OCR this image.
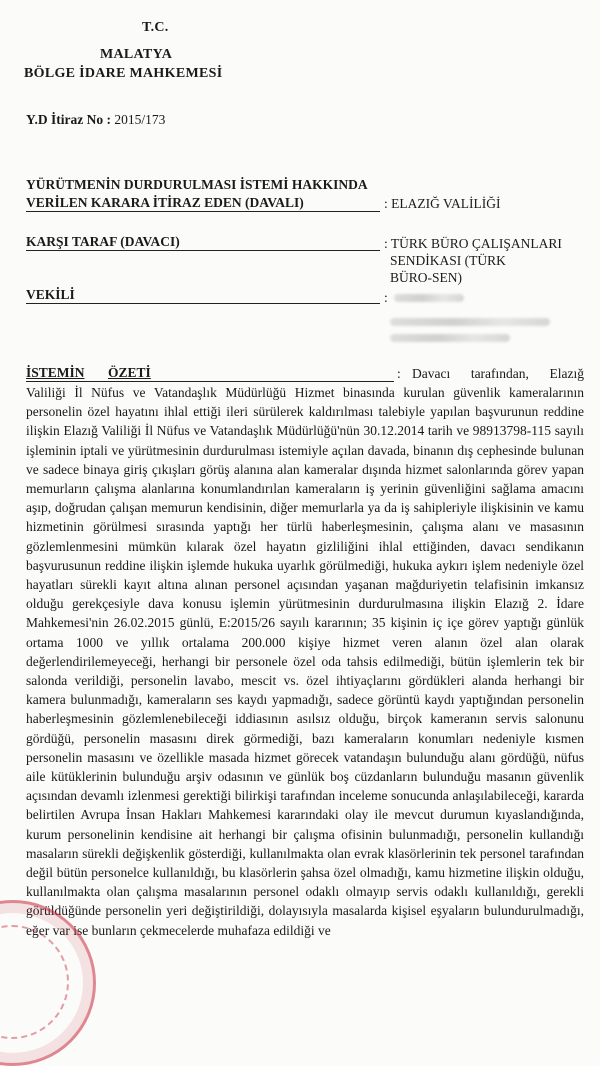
T.C.
MALATYA
BÖLGE İDARE MAHKEMESİ
Y.D İtiraz No : 2015/173
YÜRÜTMENİN DURDURULMASI İSTEMİ HAKKINDA
VERİLEN KARARA İTİRAZ EDEN (DAVALI)	: ELAZIĞ VALİLİĞİ
KARŞI TARAF (DAVACI)	: TÜRK BÜRO ÇALIŞANLARI
SENDİKASI (TÜRK
BÜRO-SEN)
VEKİLİ	:
İSTEMİN ÖZETİ	: Davacı tarafından, Elazığ
Valiliği İl Nüfus ve Vatandaşlık Müdürlüğü Hizmet binasında kurulan güvenlik kameralarının personelin özel hayatını ihlal ettiği ileri sürülerek kaldırılması talebiyle yapılan başvurunun reddine ilişkin Elazığ Valiliği İl Nüfus ve Vatandaşlık Müdürlüğü'nün 30.12.2014 tarih ve 98913798-115 sayılı işleminin iptali ve yürütmesinin durdurulması istemiyle açılan davada, binanın dış cephesinde bulunan ve sadece binaya giriş çıkışları görüş alanına alan kameralar dışında hizmet salonlarında görev yapan memurların çalışma alanlarına konumlandırılan kameraların iş yerinin güvenliğini sağlama amacını aşıp, doğrudan çalışan memurun kendisinin, diğer memurlarla ya da iş sahipleriyle ilişkisinin ve kamu hizmetinin görülmesi sırasında yaptığı her türlü haberleşmesinin, çalışma alanı ve masasının gözlemlenmesini mümkün kılarak özel hayatın gizliliğini ihlal ettiğinden, davacı sendikanın başvurusunun reddine ilişkin işlemde hukuka uyarlık görülmediği, hukuka aykırı işlem nedeniyle özel hayatları sürekli kayıt altına alınan personel açısından yaşanan mağduriyetin telafisinin imkansız olduğu gerekçesiyle dava konusu işlemin yürütmesinin durdurulmasına ilişkin Elazığ 2. İdare Mahkemesi'nin 26.02.2015 günlü, E:2015/26 sayılı kararının; 35 kişinin iç içe görev yaptığı günlük ortama 1000 ve yıllık ortalama 200.000 kişiye hizmet veren alanın özel alan olarak değerlendirilemeyeceği, herhangi bir personele özel oda tahsis edilmediği, bütün işlemlerin tek bir salonda verildiği, personelin lavabo, mescit vs. özel ihtiyaçlarını gördükleri alanda herhangi bir kamera bulunmadığı, kameraların ses kaydı yapmadığı, sadece görüntü kaydı yaptığından personelin haberleşmesinin gözlemlenebileceği iddiasının asılsız olduğu, birçok kameranın servis salonunu gördüğü, personelin masasını direk görmediği, bazı kameraların konumları nedeniyle kısmen personelin masasını ve özellikle masada hizmet görecek vatandaşın bulunduğu alanı gördüğü, nüfus aile kütüklerinin bulunduğu arşiv odasının ve günlük boş cüzdanların bulunduğu masanın güvenlik açısından devamlı izlenmesi gerektiği bilirkişi tarafından inceleme sonucunda anlaşılabileceği, kararda belirtilen Avrupa İnsan Hakları Mahkemesi kararındaki olay ile mevcut durumun kıyaslandığında, kurum personelinin kendisine ait herhangi bir çalışma ofisinin bulunmadığı, personelin kullandığı masaların sürekli değişkenlik gösterdiği, kullanılmakta olan evrak klasörlerinin tek personel tarafından değil bütün personelce kullanıldığı, bu klasörlerin şahsa özel olmadığı, kamu hizmetine ilişkin olduğu, kullanılmakta olan çalışma masalarının personel odaklı olmayıp servis odaklı kullanıldığı, gerekli görüldüğünde personelin yeri değiştirildiği, dolayısıyla masalarda kişisel eşyaların bulundurulmadığı, eğer var ise bunların çekmecelerde muhafaza edildiği ve
